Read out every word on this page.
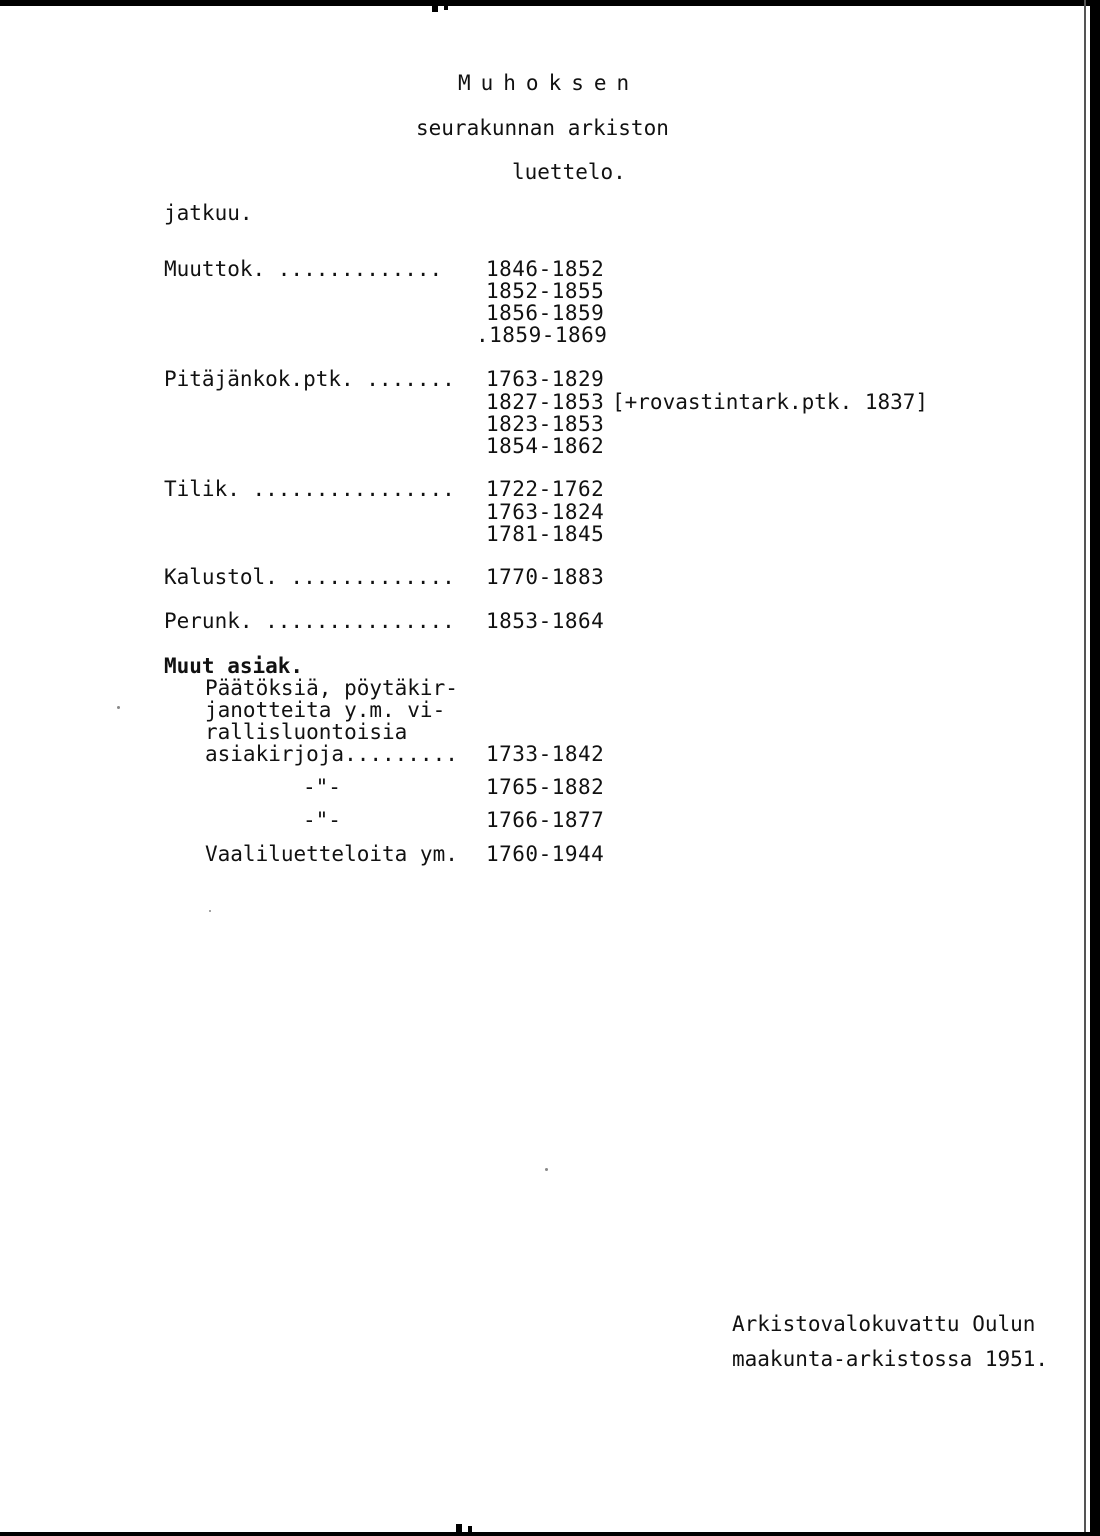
Muhoksen
seurakunnan arkiston
luettelo.
jatkuu.
Muuttok. ............. 1846-1852
1852-1855
1856-1859
.1859-1869
Pitäjänkok.ptk. ....... 1763-1829
1827-1853 [+rovastintark.ptk. 1837]
1823-1853
1854-1862
Tilik. ................ 1722-1762
1763-1824
1781-1845
Kalustol. ............. 1770-1883
Perunk. ............... 1853-1864
Muut asiak.
Päätöksiä, pöytäkir-
janotteita y.m. vi-
rallisluontoisia
asiakirjoja......... 1733-1842
-"-	1765-1882
-"-	1766-1877
Vaaliluetteloita ym. 1760-1944
Arkistovalokuvattu Oulun
maakunta-arkistossa 1951.
